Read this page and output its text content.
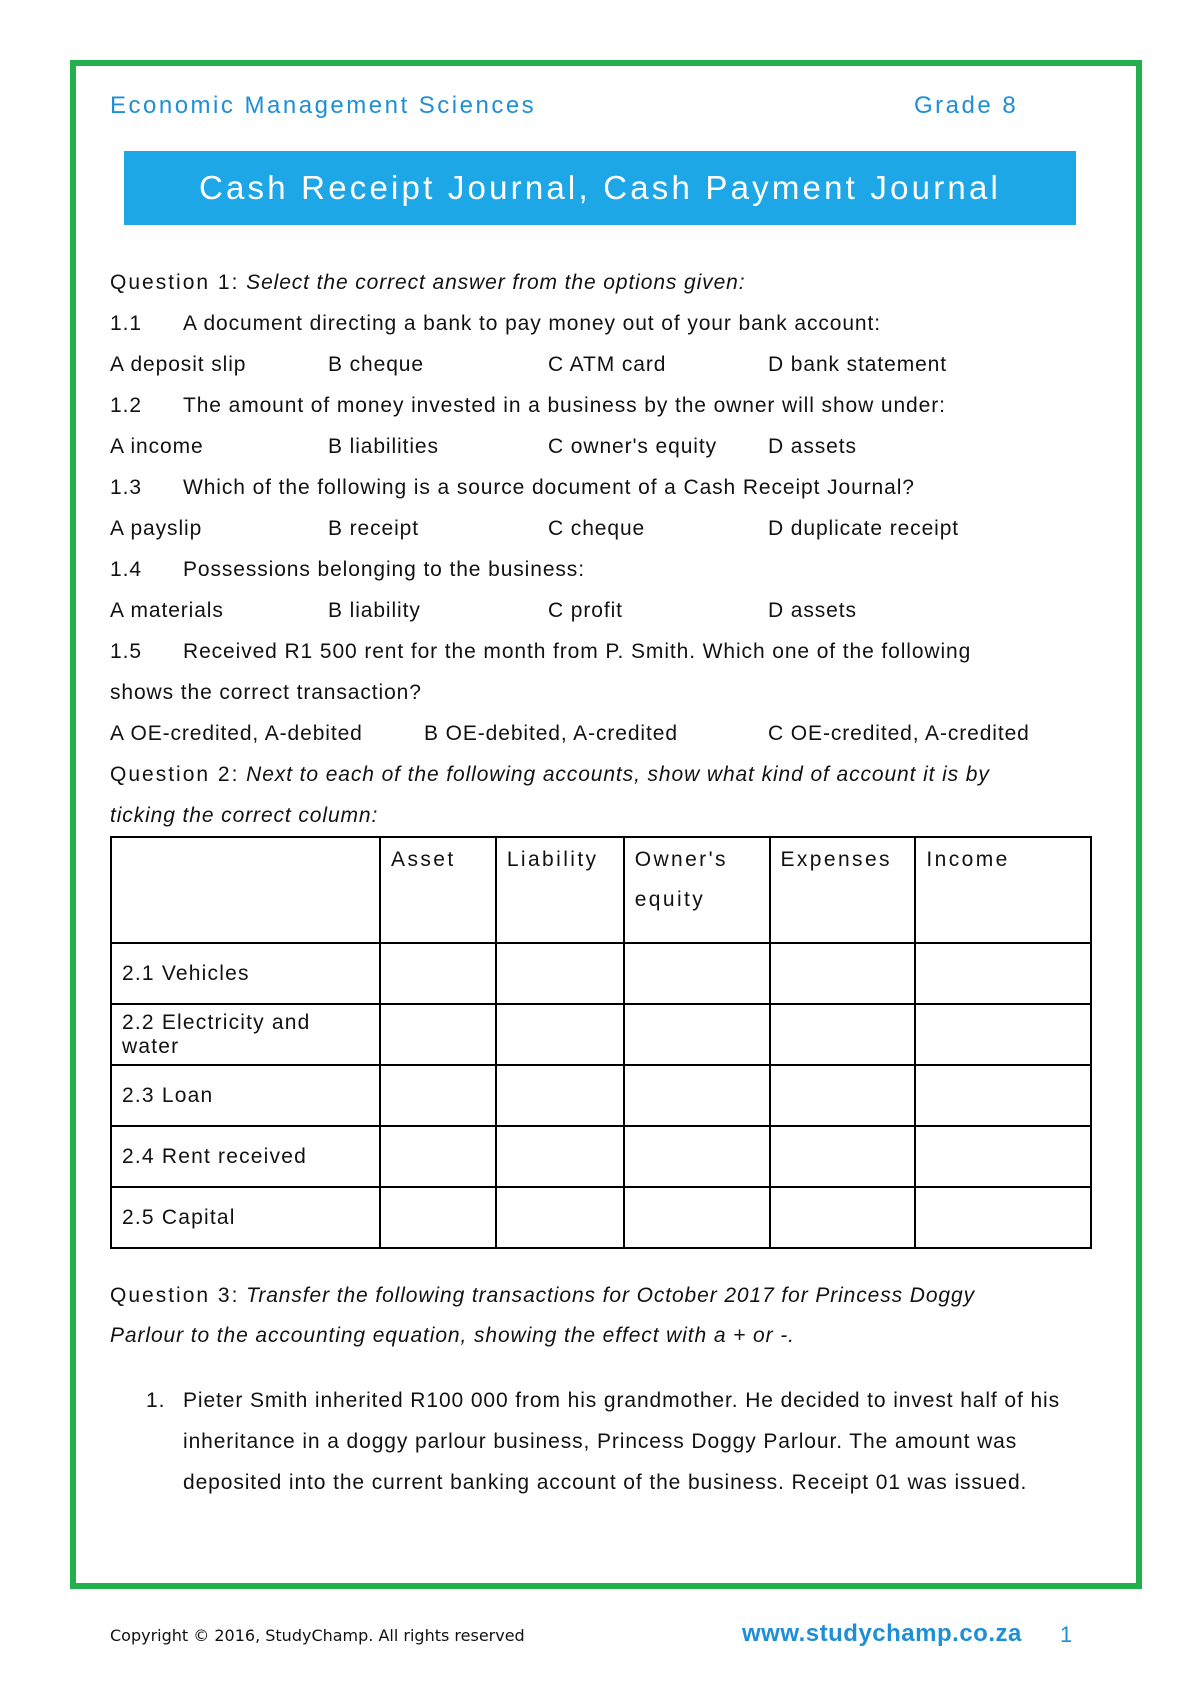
Economic Management Sciences	Grade 8
Cash Receipt Journal, Cash Payment Journal
Question 1: Select the correct answer from the options given:
1.1 A document directing a bank to pay money out of your bank account:
A deposit slip	B cheque	C ATM card	D bank statement
1.2 The amount of money invested in a business by the owner will show under:
A income	B liabilities	C owner's equity D assets
1.3 Which of the following is a source document of a Cash Receipt Journal?
A payslip	B receipt	C cheque	D duplicate receipt
1.4 Possessions belonging to the business:
A materials	B liability	C profit	D assets
1.5 Received R1 500 rent for the month from P. Smith. Which one of the following
shows the correct transaction?
A OE-credited, A-debited	B OE-debited, A-credited	C OE-credited, A-credited
Question 2: Next to each of the following accounts, show what kind of account it is by
ticking the correct column:
	Asset	Liability	Owner's equity	Expenses	Income
2.1 Vehicles					
2.2 Electricity and water					
2.3 Loan					
2.4 Rent received					
2.5 Capital					
Question 3: Transfer the following transactions for October 2017 for Princess Doggy
Parlour to the accounting equation, showing the effect with a + or -.
1. Pieter Smith inherited R100 000 from his grandmother. He decided to invest half of his inheritance in a doggy parlour business, Princess Doggy Parlour. The amount was deposited into the current banking account of the business. Receipt 01 was issued.
Copyright © 2016, StudyChamp. All rights reserved	www.studychamp.co.za 1
